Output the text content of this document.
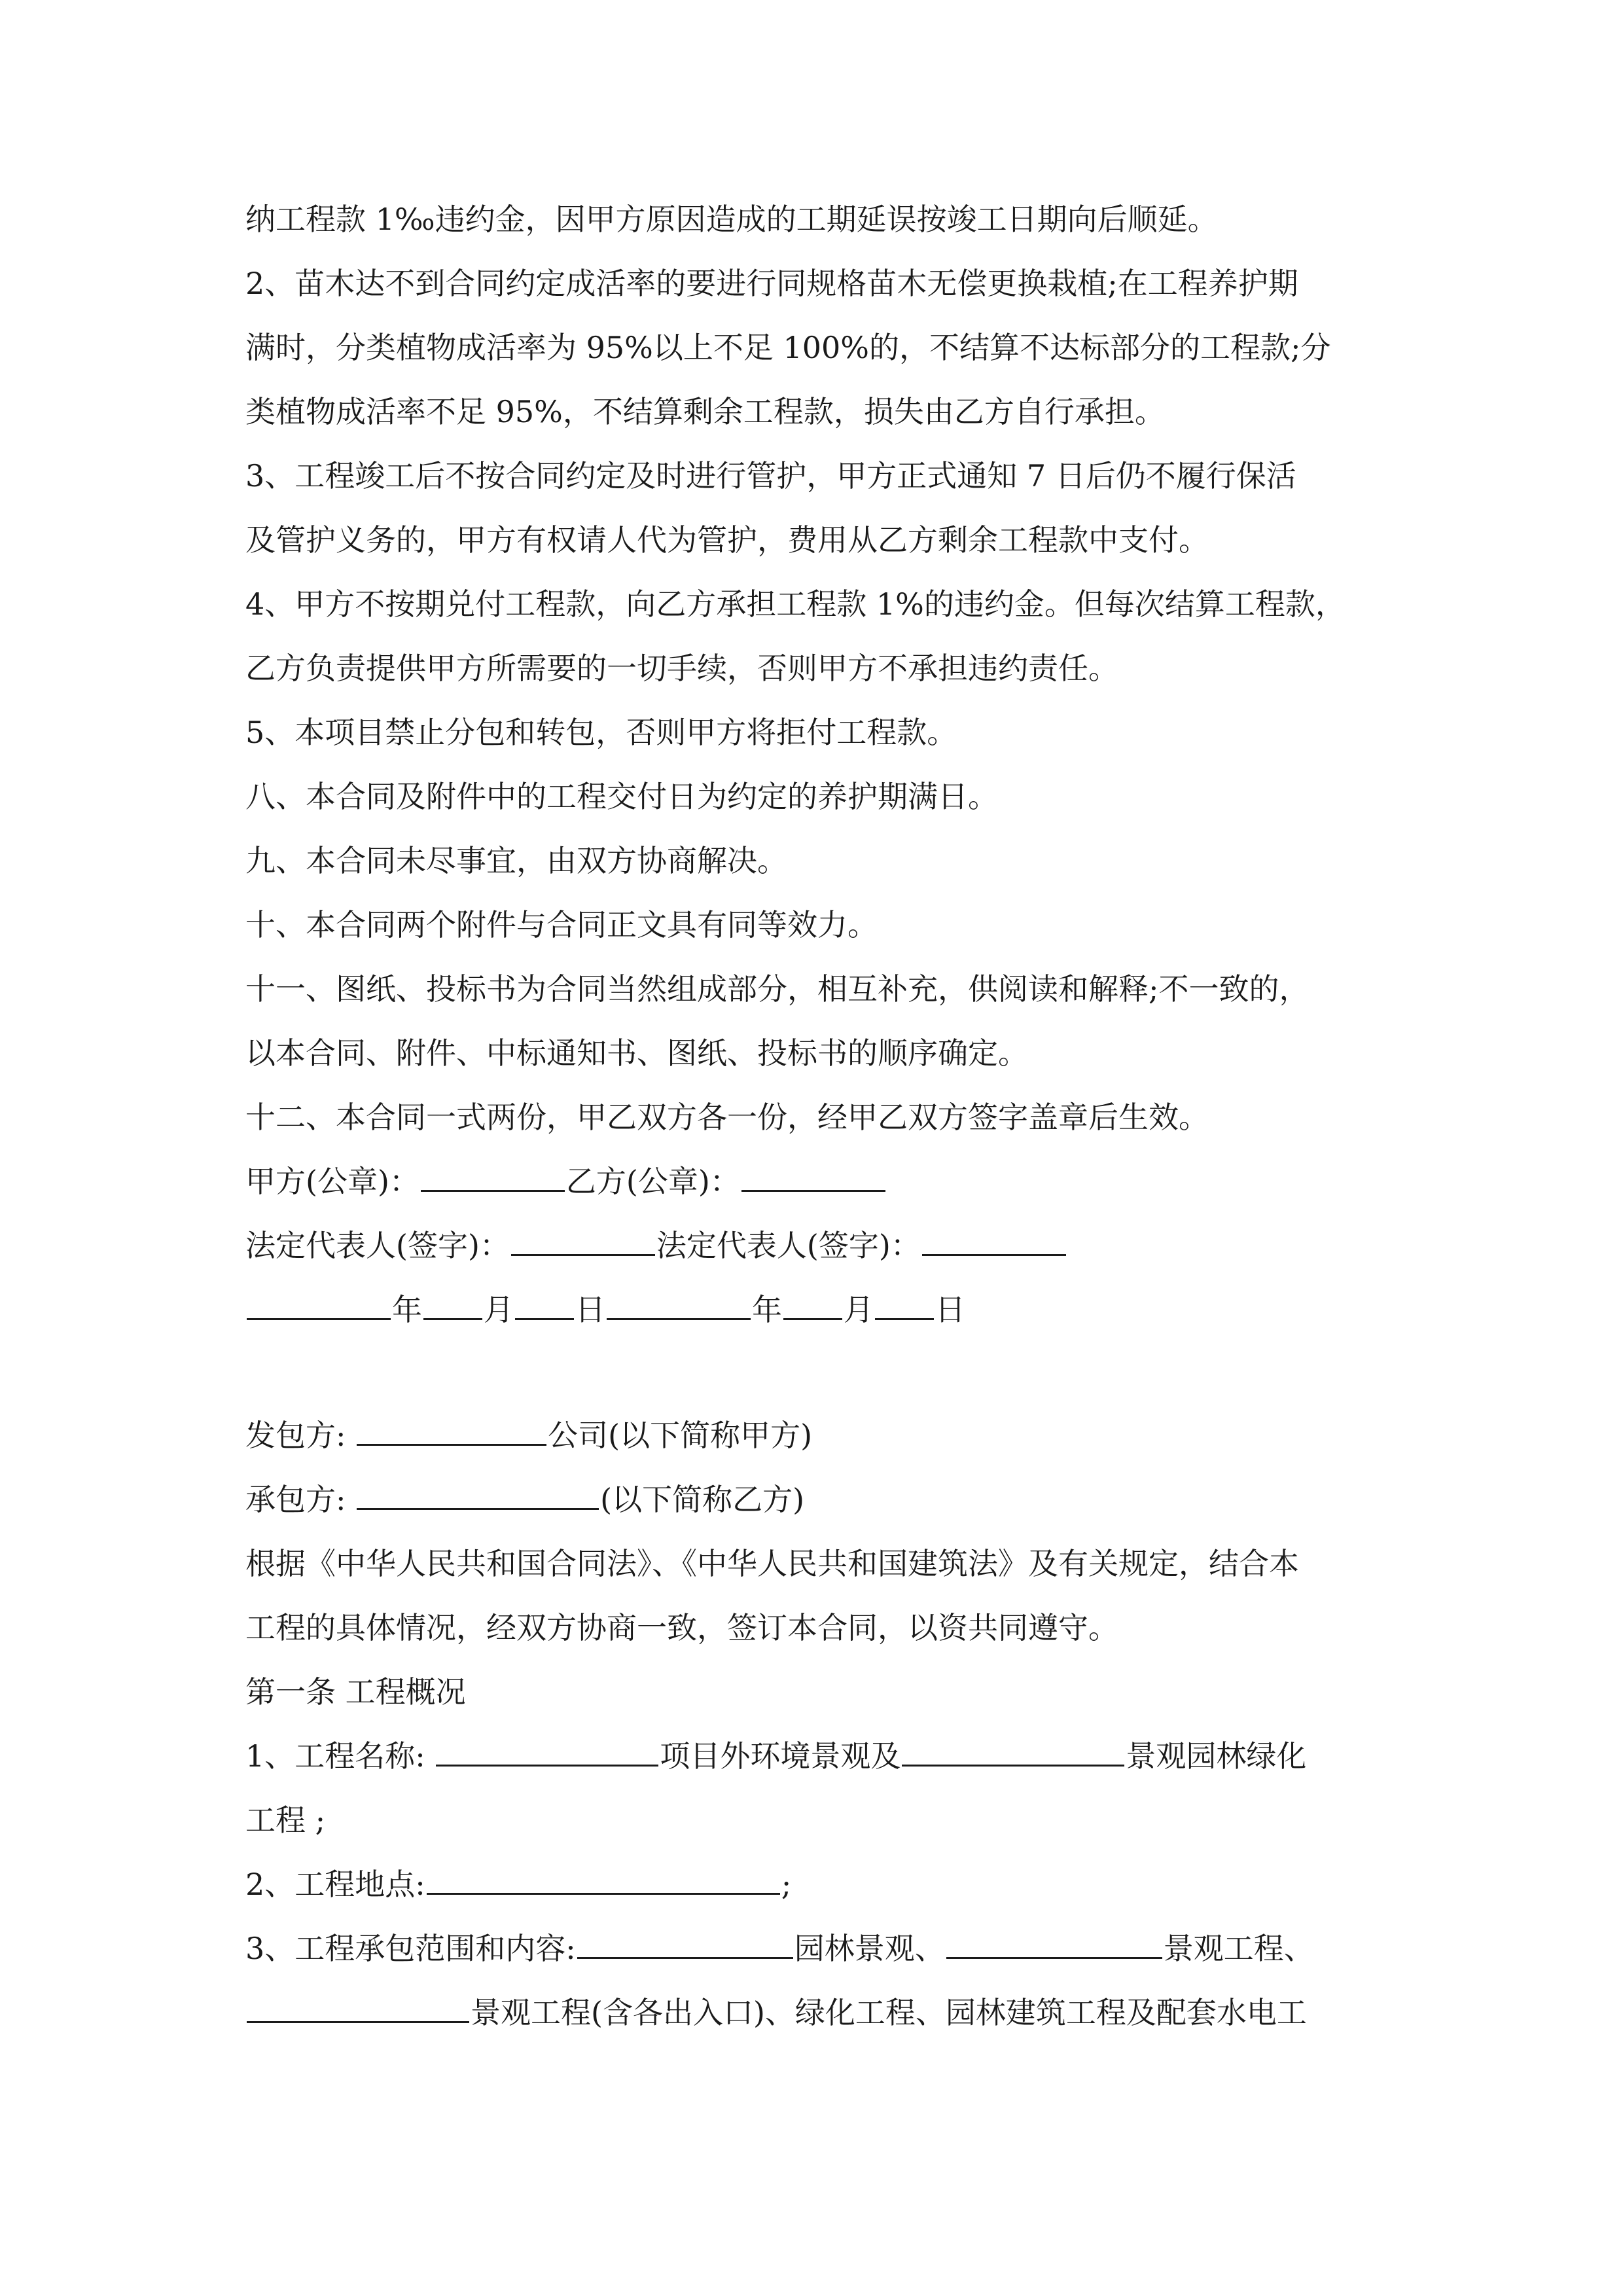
纳工程款 1‰违约金，因甲方原因造成的工期延误按竣工日期向后顺延。
2、苗木达不到合同约定成活率的要进行同规格苗木无偿更换栽植;在工程养护期
满时，分类植物成活率为 95%以上不足 100%的，不结算不达标部分的工程款;分
类植物成活率不足 95%，不结算剩余工程款，损失由乙方自行承担。
3、工程竣工后不按合同约定及时进行管护，甲方正式通知 7 日后仍不履行保活
及管护义务的，甲方有权请人代为管护，费用从乙方剩余工程款中支付。
4、甲方不按期兑付工程款，向乙方承担工程款 1%的违约金。但每次结算工程款，
乙方负责提供甲方所需要的一切手续，否则甲方不承担违约责任。
5、本项目禁止分包和转包，否则甲方将拒付工程款。
八、本合同及附件中的工程交付日为约定的养护期满日。
九、本合同未尽事宜，由双方协商解决。
十、本合同两个附件与合同正文具有同等效力。
十一、图纸、投标书为合同当然组成部分，相互补充，供阅读和解释;不一致的，
以本合同、附件、中标通知书、图纸、投标书的顺序确定。
十二、本合同一式两份，甲乙双方各一份，经甲乙双方签字盖章后生效。
甲方(公章)：	乙方(公章)：
法定代表人(签字)：	法定代表人(签字)：
年 月 日	年 月 日
发包方:	公司(以下简称甲方)
承包方:	(以下简称乙方)
根据《中华人民共和国合同法》、《中华人民共和国建筑法》及有关规定，结合本
工程的具体情况，经双方协商一致，签订本合同，以资共同遵守。
第一条 工程概况
1、工程名称:	项目外环境景观及	景观园林绿化
工程 ;
2、工程地点:	;
3、工程承包范围和内容:	园林景观、	景观工程、
景观工程(含各出入口)、绿化工程、园林建筑工程及配套水电工
